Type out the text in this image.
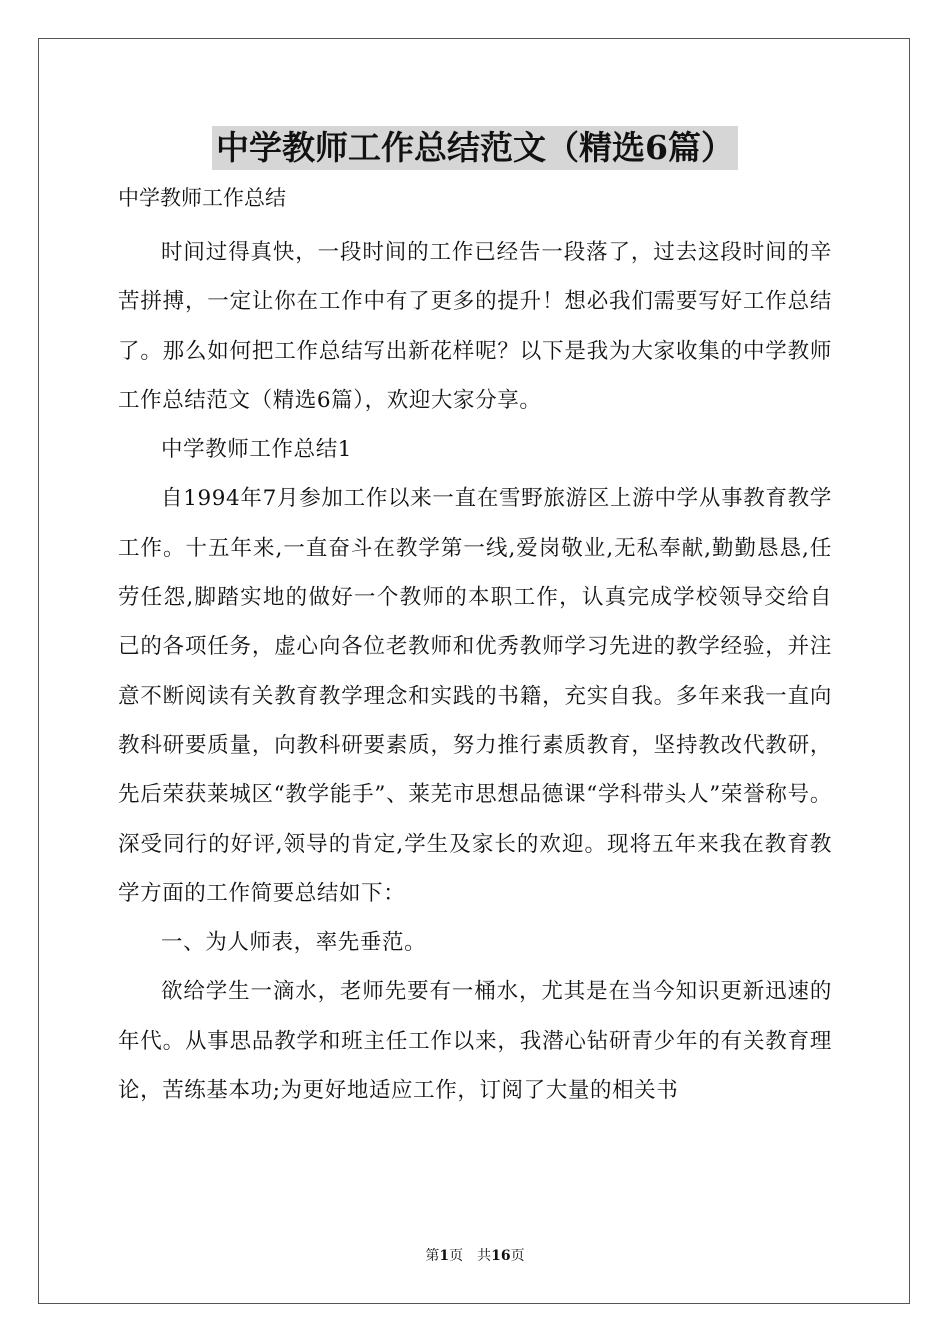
中学教师工作总结范文（精选6篇）
中学教师工作总结

时间过得真快，一段时间的工作已经告一段落了，过去这段时间的辛苦拼搏，一定让你在工作中有了更多的提升！想必我们需要写好工作总结了。那么如何把工作总结写出新花样呢？以下是我为大家收集的中学教师工作总结范文（精选6篇），欢迎大家分享。

中学教师工作总结1

自1994年7月参加工作以来一直在雪野旅游区上游中学从事教育教学工作。十五年来,一直奋斗在教学第一线,爱岗敬业,无私奉献,勤勤恳恳,任劳任怨,脚踏实地的做好一个教师的本职工作，认真完成学校领导交给自己的各项任务，虚心向各位老教师和优秀教师学习先进的教学经验，并注意不断阅读有关教育教学理念和实践的书籍，充实自我。多年来我一直向教科研要质量，向教科研要素质，努力推行素质教育，坚持教改代教研，先后荣获莱城区“教学能手”、莱芜市思想品德课“学科带头人”荣誉称号。深受同行的好评,领导的肯定,学生及家长的欢迎。现将五年来我在教育教学方面的工作简要总结如下：

一、为人师表，率先垂范。

欲给学生一滴水，老师先要有一桶水，尤其是在当今知识更新迅速的年代。从事思品教学和班主任工作以来，我潜心钻研青少年的有关教育理论，苦练基本功;为更好地适应工作，订阅了大量的相关书

第1页 共16页
